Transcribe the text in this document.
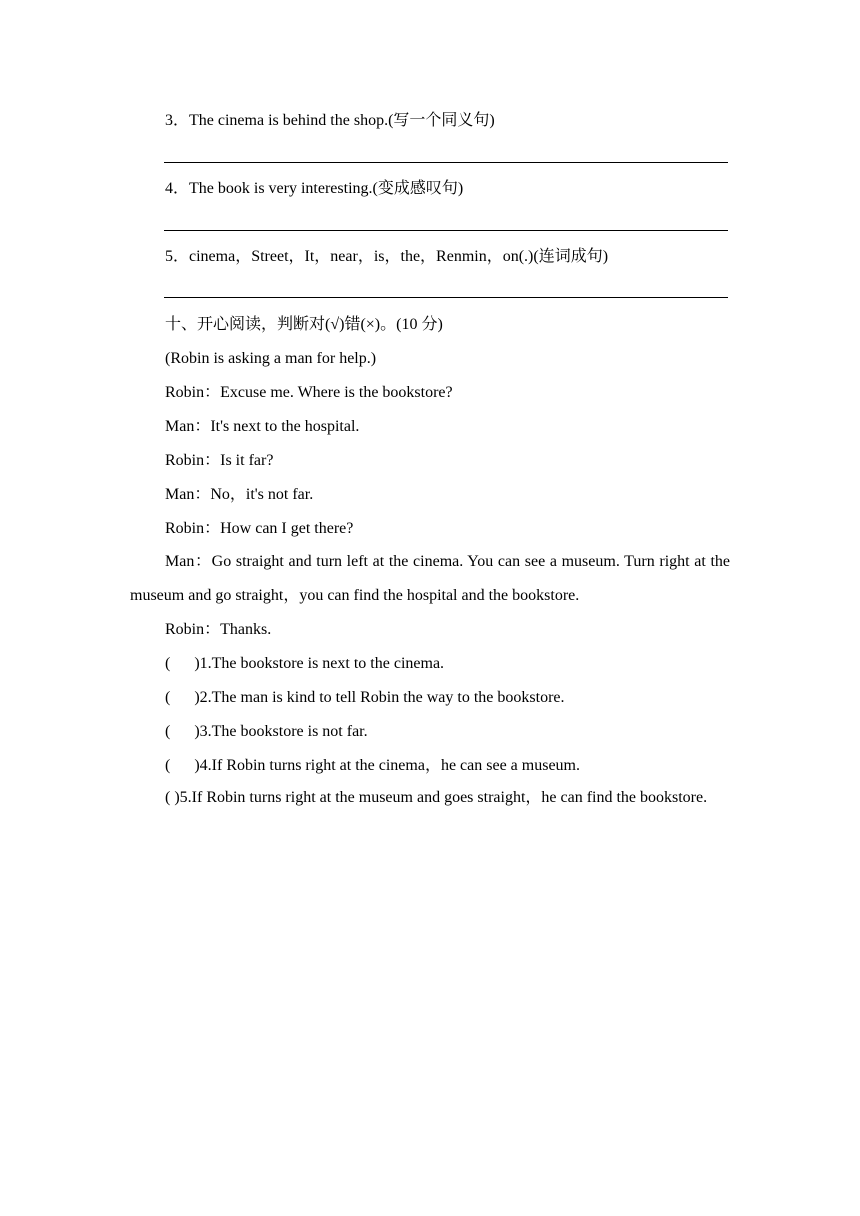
3．The cinema is behind the shop.(写一个同义句)
4．The book is very interesting.(变成感叹句)
5．cinema，Street，It，near，is，the，Renmin，on(.)(连词成句)
十、开心阅读，判断对(√)错(×)。(10 分)
(Robin is asking a man for help.)
Robin：Excuse me. Where is the bookstore?
Man：It's next to the hospital.
Robin：Is it far?
Man：No，it's not far.
Robin：How can I get there?
Man：Go straight and turn left at the cinema. You can see a museum. Turn right at the museum and go straight，you can find the hospital and the bookstore.
Robin：Thanks.
(      )1.The bookstore is next to the cinema.
(      )2.The man is kind to tell Robin the way to the bookstore.
(      )3.The bookstore is not far.
(      )4.If Robin turns right at the cinema，he can see a museum.
( )5.If Robin turns right at the museum and goes straight，he can find the bookstore.
